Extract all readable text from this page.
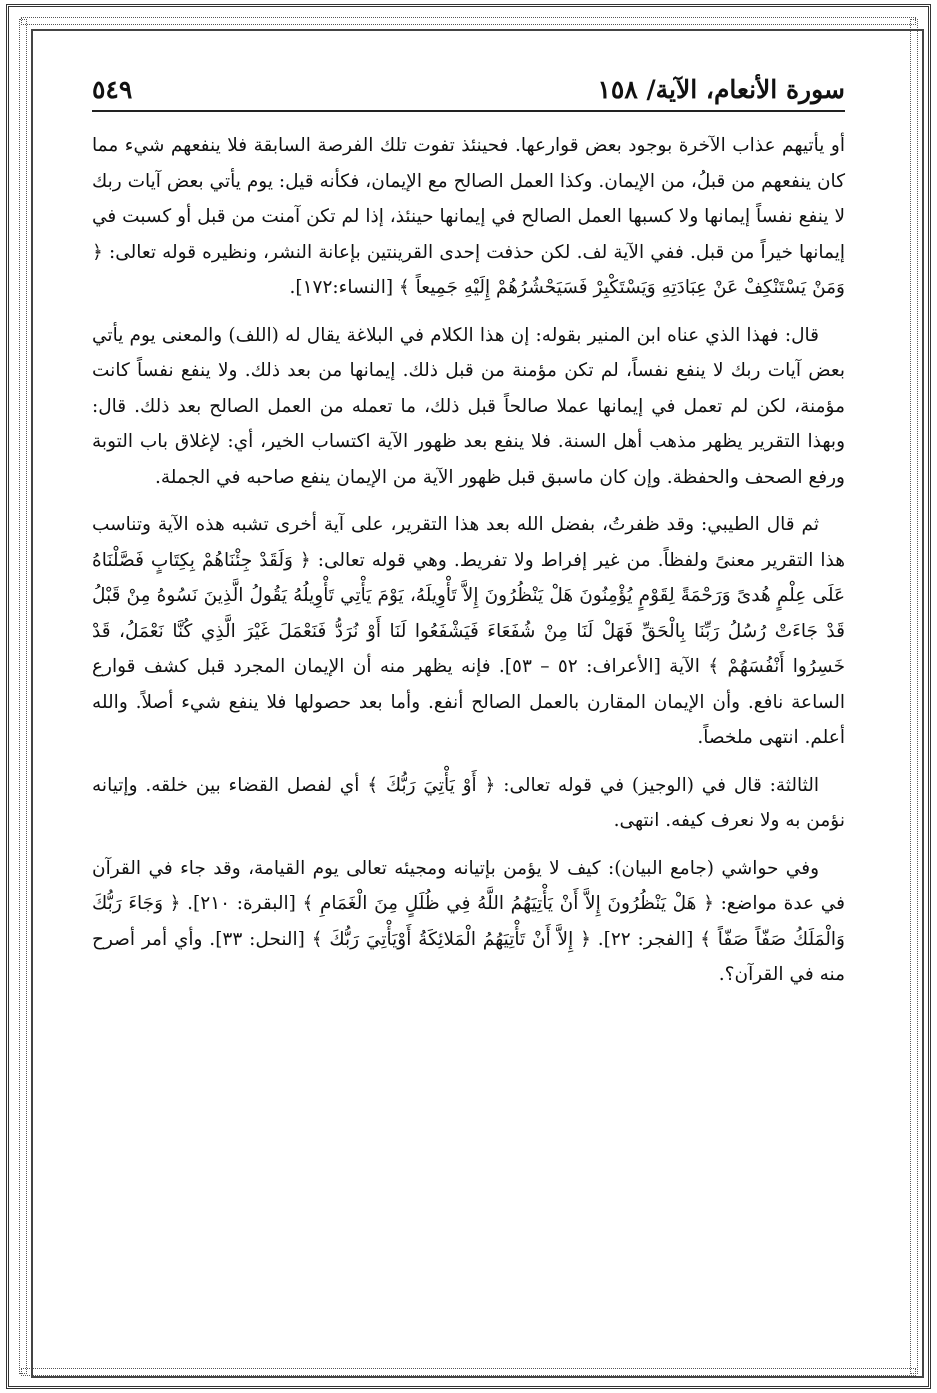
سورة الأنعام، الآية/ ١٥٨
٥٤٩

أو يأتيهم عذاب الآخرة بوجود بعض قوارعها. فحينئذ تفوت تلك الفرصة السابقة فلا ينفعهم شيء مما كان ينفعهم من قبلُ، من الإيمان. وكذا العمل الصالح مع الإيمان، فكأنه قيل: يوم يأتي بعض آيات ربك لا ينفع نفساً إيمانها ولا كسبها العمل الصالح في إيمانها حينئذ، إذا لم تكن آمنت من قبل أو كسبت في إيمانها خيراً من قبل. ففي الآية لف. لكن حذفت إحدى القرينتين بإعانة النشر، ونظيره قوله تعالى: ﴿ وَمَنْ يَسْتَنْكِفْ عَنْ عِبَادَتِهِ وَيَسْتَكْبِرْ فَسَيَحْشُرُهُمْ إِلَيْهِ جَمِيعاً ﴾ [النساء:١٧٢].

قال: فهذا الذي عناه ابن المنير بقوله: إن هذا الكلام في البلاغة يقال له (اللف) والمعنى يوم يأتي بعض آيات ربك لا ينفع نفساً، لم تكن مؤمنة من قبل ذلك. إيمانها من بعد ذلك. ولا ينفع نفساً كانت مؤمنة، لكن لم تعمل في إيمانها عملا صالحاً قبل ذلك، ما تعمله من العمل الصالح بعد ذلك. قال: وبهذا التقرير يظهر مذهب أهل السنة. فلا ينفع بعد ظهور الآية اكتساب الخير، أي: لإغلاق باب التوبة ورفع الصحف والحفظة. وإن كان ماسبق قبل ظهور الآية من الإيمان ينفع صاحبه في الجملة.

ثم قال الطيبي: وقد ظفرتُ، بفضل الله بعد هذا التقرير، على آية أخرى تشبه هذه الآية وتناسب هذا التقرير معنىً ولفظاً. من غير إفراط ولا تفريط. وهي قوله تعالى: ﴿ وَلَقَدْ جِئْنَاهُمْ بِكِتَابٍ فَصَّلْنَاهُ عَلَى عِلْمٍ هُدىً وَرَحْمَةً لِقَوْمٍ يُؤْمِنُونَ هَلْ يَنْظُرُونَ إِلاَّ تَأْوِيلَهُ، يَوْمَ يَأْتِي تَأْوِيلُهُ يَقُولُ الَّذِينَ نَسُوهُ مِنْ قَبْلُ قَدْ جَاءَتْ رُسُلُ رَبِّنَا بِالْحَقِّ فَهَلْ لَنَا مِنْ شُفَعَاءَ فَيَشْفَعُوا لَنَا أَوْ نُرَدُّ فَنَعْمَلَ غَيْرَ الَّذِي كُنَّا نَعْمَلُ، قَدْ خَسِرُوا أَنْفُسَهُمْ ﴾ الآية [الأعراف: ٥٢ – ٥٣]. فإنه يظهر منه أن الإيمان المجرد قبل كشف قوارع الساعة نافع. وأن الإيمان المقارن بالعمل الصالح أنفع. وأما بعد حصولها فلا ينفع شيء أصلاً. والله أعلم. انتهى ملخصاً.

الثالثة: قال في (الوجيز) في قوله تعالى: ﴿ أَوْ يَأْتِيَ رَبُّكَ ﴾ أي لفصل القضاء بين خلقه. وإتيانه نؤمن به ولا نعرف كيفه. انتهى.

وفي حواشي (جامع البيان): كيف لا يؤمن بإتيانه ومجيئه تعالى يوم القيامة، وقد جاء في القرآن في عدة مواضع: ﴿ هَلْ يَنْظُرُونَ إِلاَّ أَنْ يَأْتِيَهُمُ اللَّهُ فِي ظُلَلٍ مِنَ الْغَمَامِ ﴾ [البقرة: ٢١٠]. ﴿ وَجَاءَ رَبُّكَ وَالْمَلَكُ صَفّاً صَفّاً ﴾ [الفجر: ٢٢]. ﴿ إِلاَّ أَنْ تَأْتِيَهُمُ الْمَلائِكَةُ أَوْيَأْتِيَ رَبُّكَ ﴾ [النحل: ٣٣]. وأي أمر أصرح منه في القرآن؟.
